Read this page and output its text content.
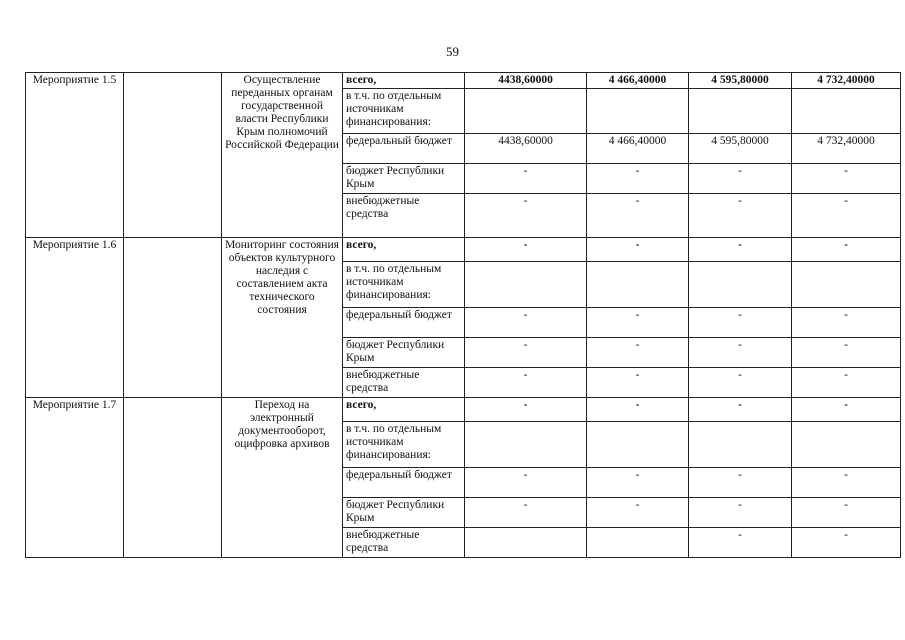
59
Мероприятие 1.5		Осуществление переданных органам государственной власти Республики Крым полномочий Российской Федерации	всего,	4438,60000	4 466,40000	4 595,80000	4 732,40000
			в т.ч. по отдельным источникам финансирования:				
			федеральный бюджет	4438,60000	4 466,40000	4 595,80000	4 732,40000
			бюджет Республики Крым	-	-	-	-
			внебюджетные средства	-	-	-	-
Мероприятие 1.6		Мониторинг состояния объектов культурного наследия с составлением акта технического состояния	всего,	-	-	-	-
			в т.ч. по отдельным источникам финансирования:				
			федеральный бюджет	-	-	-	-
			бюджет Республики Крым	-	-	-	-
			внебюджетные средства	-	-	-	-
Мероприятие 1.7		Переход на электронный документооборот, оцифровка архивов	всего,	-	-	-	-
			в т.ч. по отдельным источникам финансирования:				
			федеральный бюджет	-	-	-	-
			бюджет Республики Крым	-	-	-	-
			внебюджетные средства			-	-
